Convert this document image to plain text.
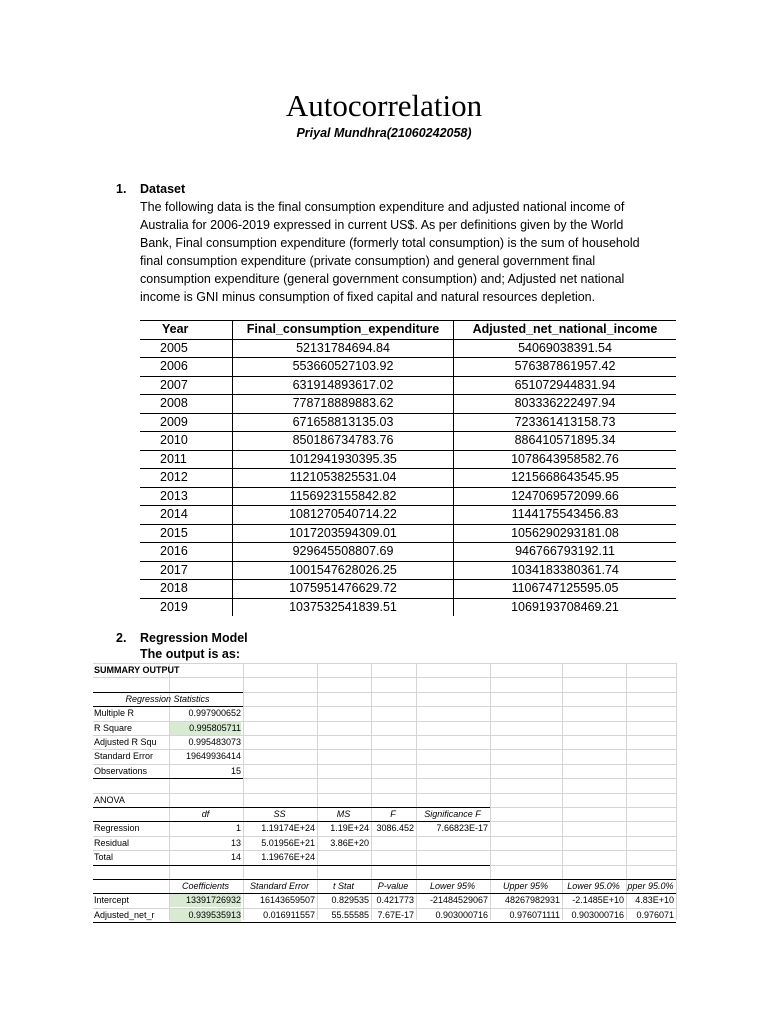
Autocorrelation
Priyal Mundhra(21060242058)
1. Dataset
The following data is the final consumption expenditure and adjusted national income of
Australia for 2006-2019 expressed in current US$. As per definitions given by the World
Bank, Final consumption expenditure (formerly total consumption) is the sum of household
final consumption expenditure (private consumption) and general government final
consumption expenditure (general government consumption) and; Adjusted net national
income is GNI minus consumption of fixed capital and natural resources depletion.
Year	Final_consumption_expenditure	Adjusted_net_national_income
2005	52131784694.84	54069038391.54
2006	553660527103.92	576387861957.42
2007	631914893617.02	651072944831.94
2008	778718889883.62	803336222497.94
2009	671658813135.03	723361413158.73
2010	850186734783.76	886410571895.34
2011	1012941930395.35	1078643958582.76
2012	1121053825531.04	1215668643545.95
2013	1156923155842.82	1247069572099.66
2014	1081270540714.22	1144175543456.83
2015	1017203594309.01	1056290293181.08
2016	929645508807.69	946766793192.11
2017	1001547628026.25	1034183380361.74
2018	1075951476629.72	1106747125595.05
2019	1037532541839.51	1069193708469.21
2. Regression Model
The output is as:
SUMMARY OUTPUT
Regression Statistics
Multiple R	0.997900652
R Square	0.995805711
Adjusted R Squ	0.995483073
Standard Error	19649936414
Observations	15
ANOVA
df	SS	MS	F	Significance F
Regression	1	1.19174E+24	1.19E+24 3086.452	7.66823E-17
Residual	13	5.01956E+21	3.86E+20
Total	14	1.19676E+24
Coefficients	Standard Error	t Stat	P-value	Lower 95%	Upper 95%	Lower 95.0% pper 95.0%
Intercept	13391726932	16143659507	0.829535 0.421773	-21484529067	48267982931	-2.1485E+10	4.83E+10
Adjusted_net_r	0.939535913	0.016911557	55.55585 7.67E-17	0.903000716	0.976071111	0.903000716	0.976071
